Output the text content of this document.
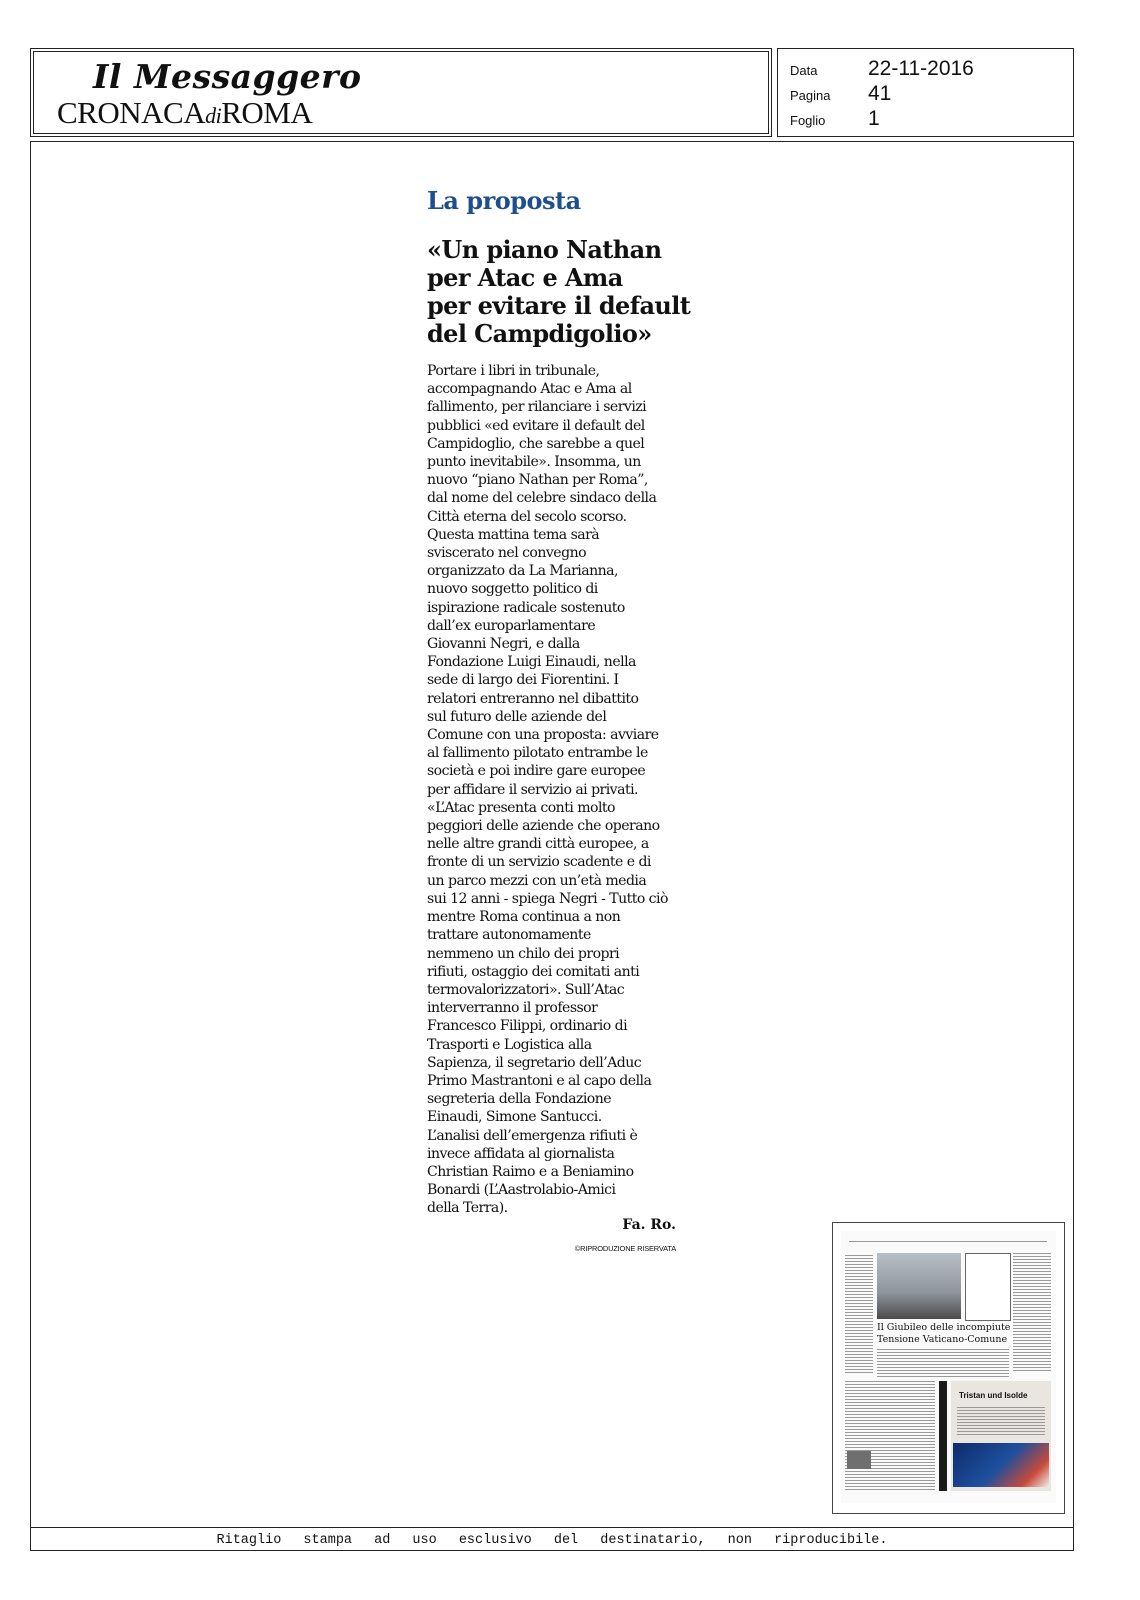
Il Messaggero
CRONACAdiROMA
Data 22-11-2016
Pagina 41
Foglio 1
Ritaglio stampa ad uso esclusivo del destinatario, non riproducibile.
La proposta
«Un piano Nathan
per Atac e Ama
per evitare il default
del Campdigolio»
Portare i libri in tribunale,
accompagnando Atac e Ama al
fallimento, per rilanciare i servizi
pubblici «ed evitare il default del
Campidoglio, che sarebbe a quel
punto inevitabile». Insomma, un
nuovo “piano Nathan per Roma”,
dal nome del celebre sindaco della
Città eterna del secolo scorso.
Questa mattina tema sarà
sviscerato nel convegno
organizzato da La Marianna,
nuovo soggetto politico di
ispirazione radicale sostenuto
dall’ex europarlamentare
Giovanni Negri, e dalla
Fondazione Luigi Einaudi, nella
sede di largo dei Fiorentini. I
relatori entreranno nel dibattito
sul futuro delle aziende del
Comune con una proposta: avviare
al fallimento pilotato entrambe le
società e poi indire gare europee
per affidare il servizio ai privati.
«L’Atac presenta conti molto
peggiori delle aziende che operano
nelle altre grandi città europee, a
fronte di un servizio scadente e di
un parco mezzi con un’età media
sui 12 anni - spiega Negri - Tutto ciò
mentre Roma continua a non
trattare autonomamente
nemmeno un chilo dei propri
rifiuti, ostaggio dei comitati anti
termovalorizzatori». Sull’Atac
interverranno il professor
Francesco Filippi, ordinario di
Trasporti e Logistica alla
Sapienza, il segretario dell’Aduc
Primo Mastrantoni e al capo della
segreteria della Fondazione
Einaudi, Simone Santucci.
L’analisi dell’emergenza rifiuti è
invece affidata al giornalista
Christian Raimo e a Beniamino
Bonardi (L’Aastrolabio-Amici
della Terra).
Fa. Ro.
©RIPRODUZIONE RISERVATA
Il Giubileo delle incompiute
Tensione Vaticano-Comune
Tristan und Isolde
